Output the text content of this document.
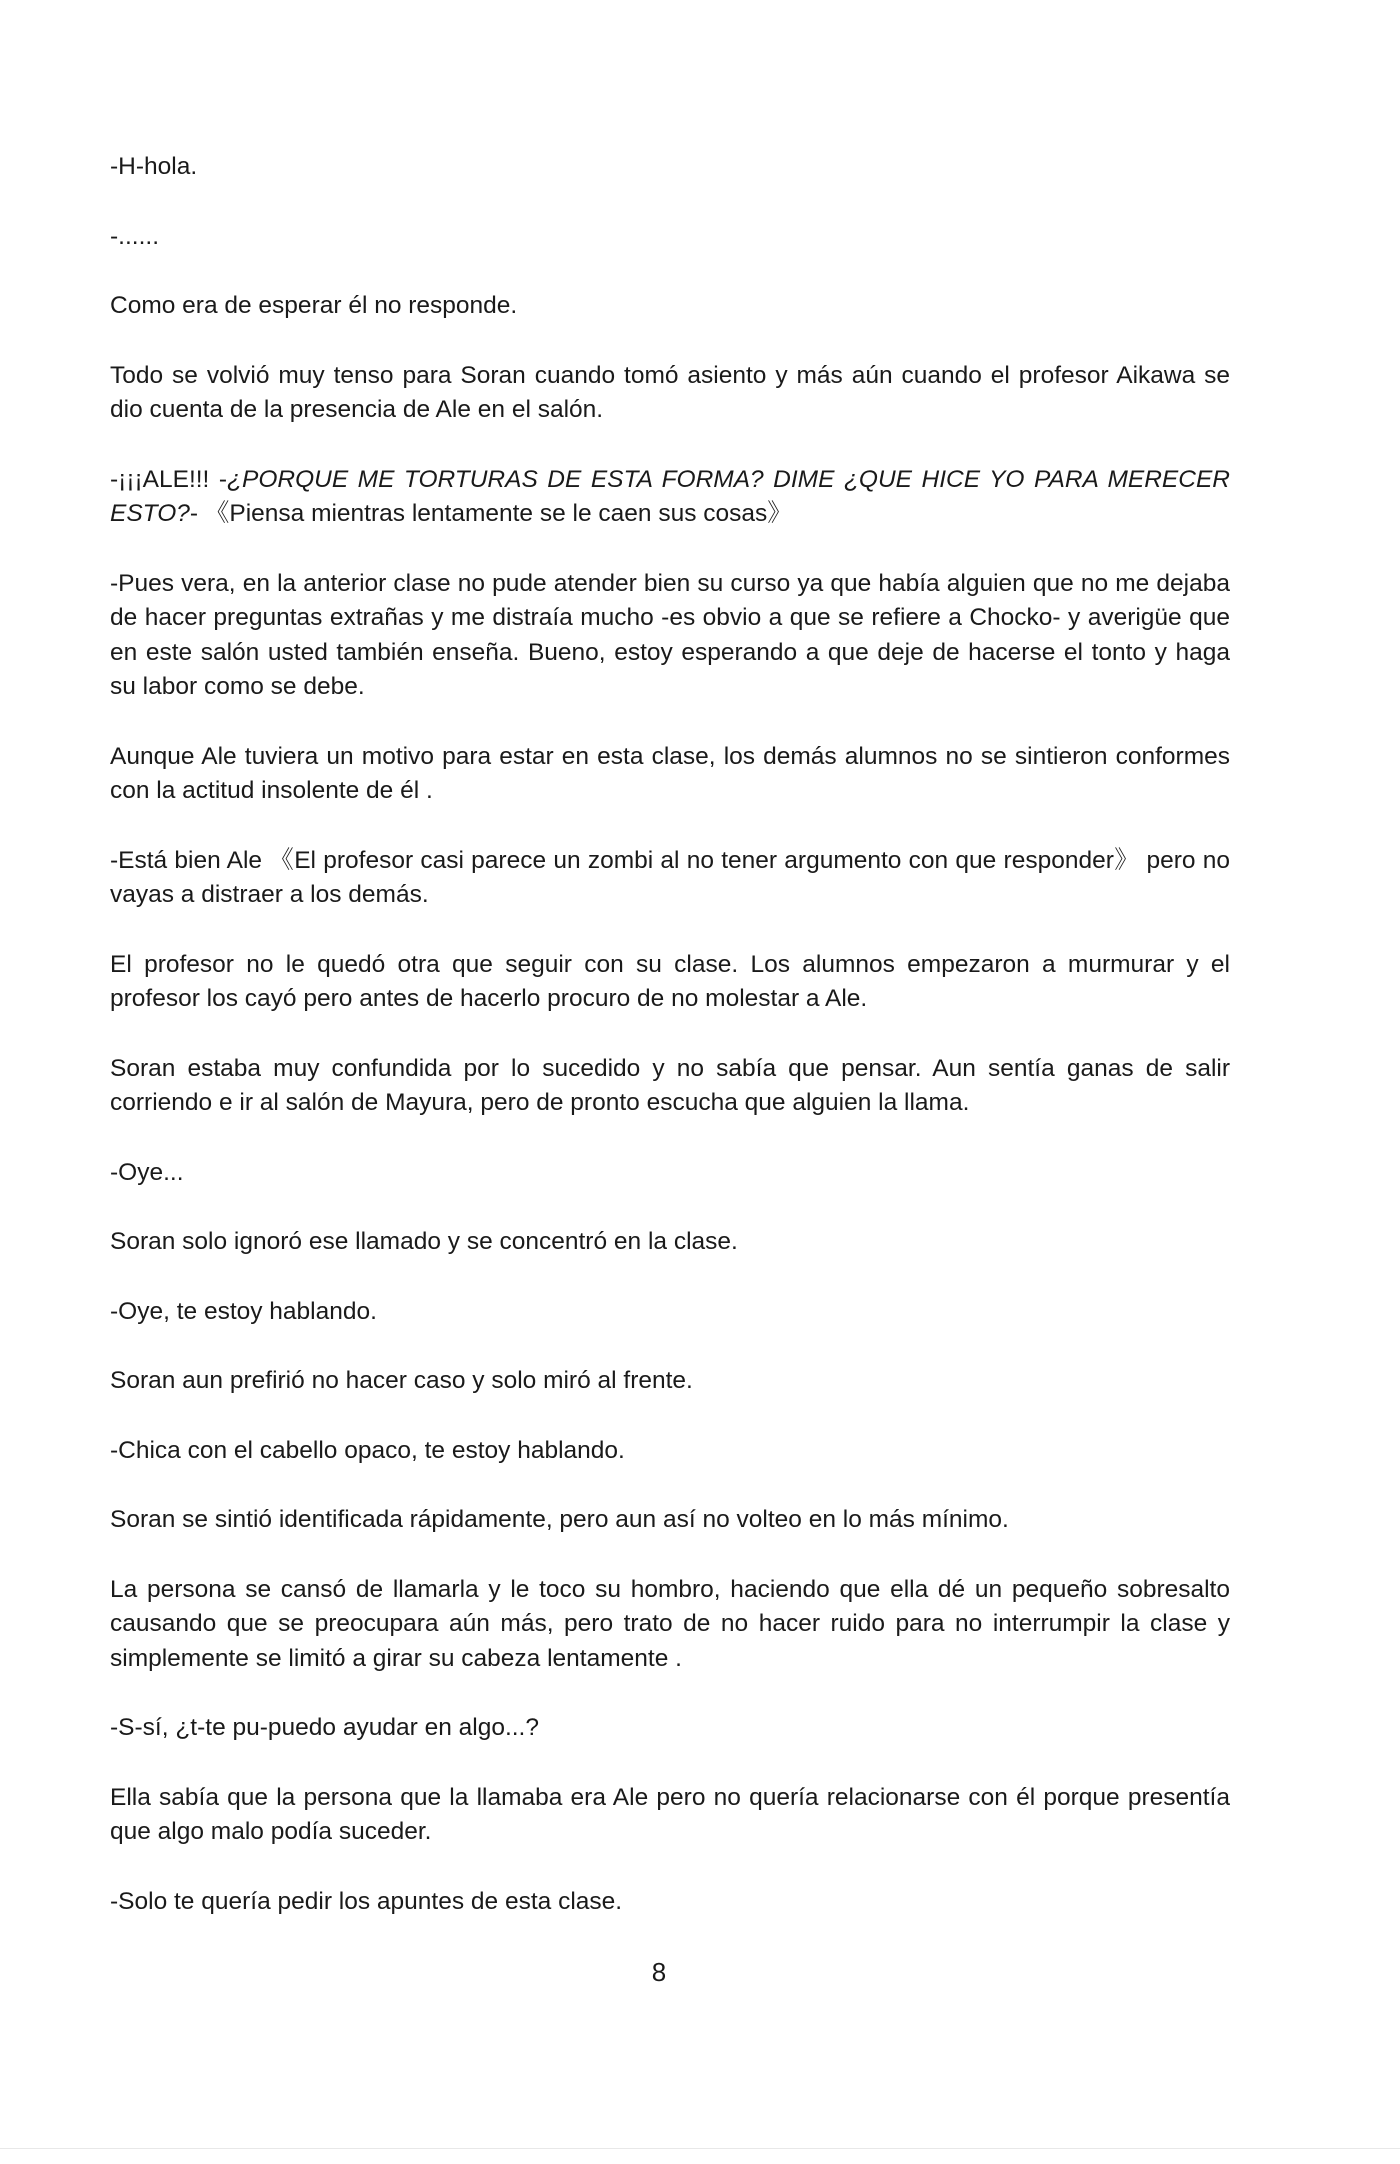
-H-hola.

-......

Como era de esperar él no responde.

Todo se volvió muy tenso para Soran cuando tomó asiento y más aún cuando el profesor Aikawa se dio cuenta de la presencia de Ale en el salón.

-¡¡¡ALE!!! -¿PORQUE ME TORTURAS DE ESTA FORMA? DIME ¿QUE HICE YO PARA MERECER ESTO?- 《Piensa mientras lentamente se le caen sus cosas》

-Pues vera, en la anterior clase no pude atender bien su curso ya que había alguien que no me dejaba de hacer preguntas extrañas y me distraía mucho -es obvio a que se refiere a Chocko- y averigüe que en este salón usted también enseña. Bueno, estoy esperando a que deje de hacerse el tonto y haga su labor como se debe.

Aunque Ale tuviera un motivo para estar en esta clase, los demás alumnos no se sintieron conformes con la actitud insolente de él .

-Está bien Ale 《El profesor casi parece un zombi al no tener argumento con que responder》 pero no vayas a distraer a los demás.

El profesor no le quedó otra que seguir con su clase. Los alumnos empezaron a murmurar y el profesor los cayó pero antes de hacerlo procuro de no molestar a Ale.

Soran estaba muy confundida por lo sucedido y no sabía que pensar. Aun sentía ganas de salir corriendo e ir al salón de Mayura, pero de pronto escucha que alguien la llama.

-Oye...

Soran solo ignoró ese llamado y se concentró en la clase.

-Oye, te estoy hablando.

Soran aun prefirió no hacer caso y solo miró al frente.

-Chica con el cabello opaco, te estoy hablando.

Soran se sintió identificada rápidamente, pero aun así no volteo en lo más mínimo.

La persona se cansó de llamarla y le toco su hombro, haciendo que ella dé un pequeño sobresalto causando que se preocupara aún más, pero trato de no hacer ruido para no interrumpir la clase y simplemente se limitó a girar su cabeza lentamente .

-S-sí, ¿t-te pu-puedo ayudar en algo...?

Ella sabía que la persona que la llamaba era Ale pero no quería relacionarse con él porque presentía que algo malo podía suceder.

-Solo te quería pedir los apuntes de esta clase.

8
